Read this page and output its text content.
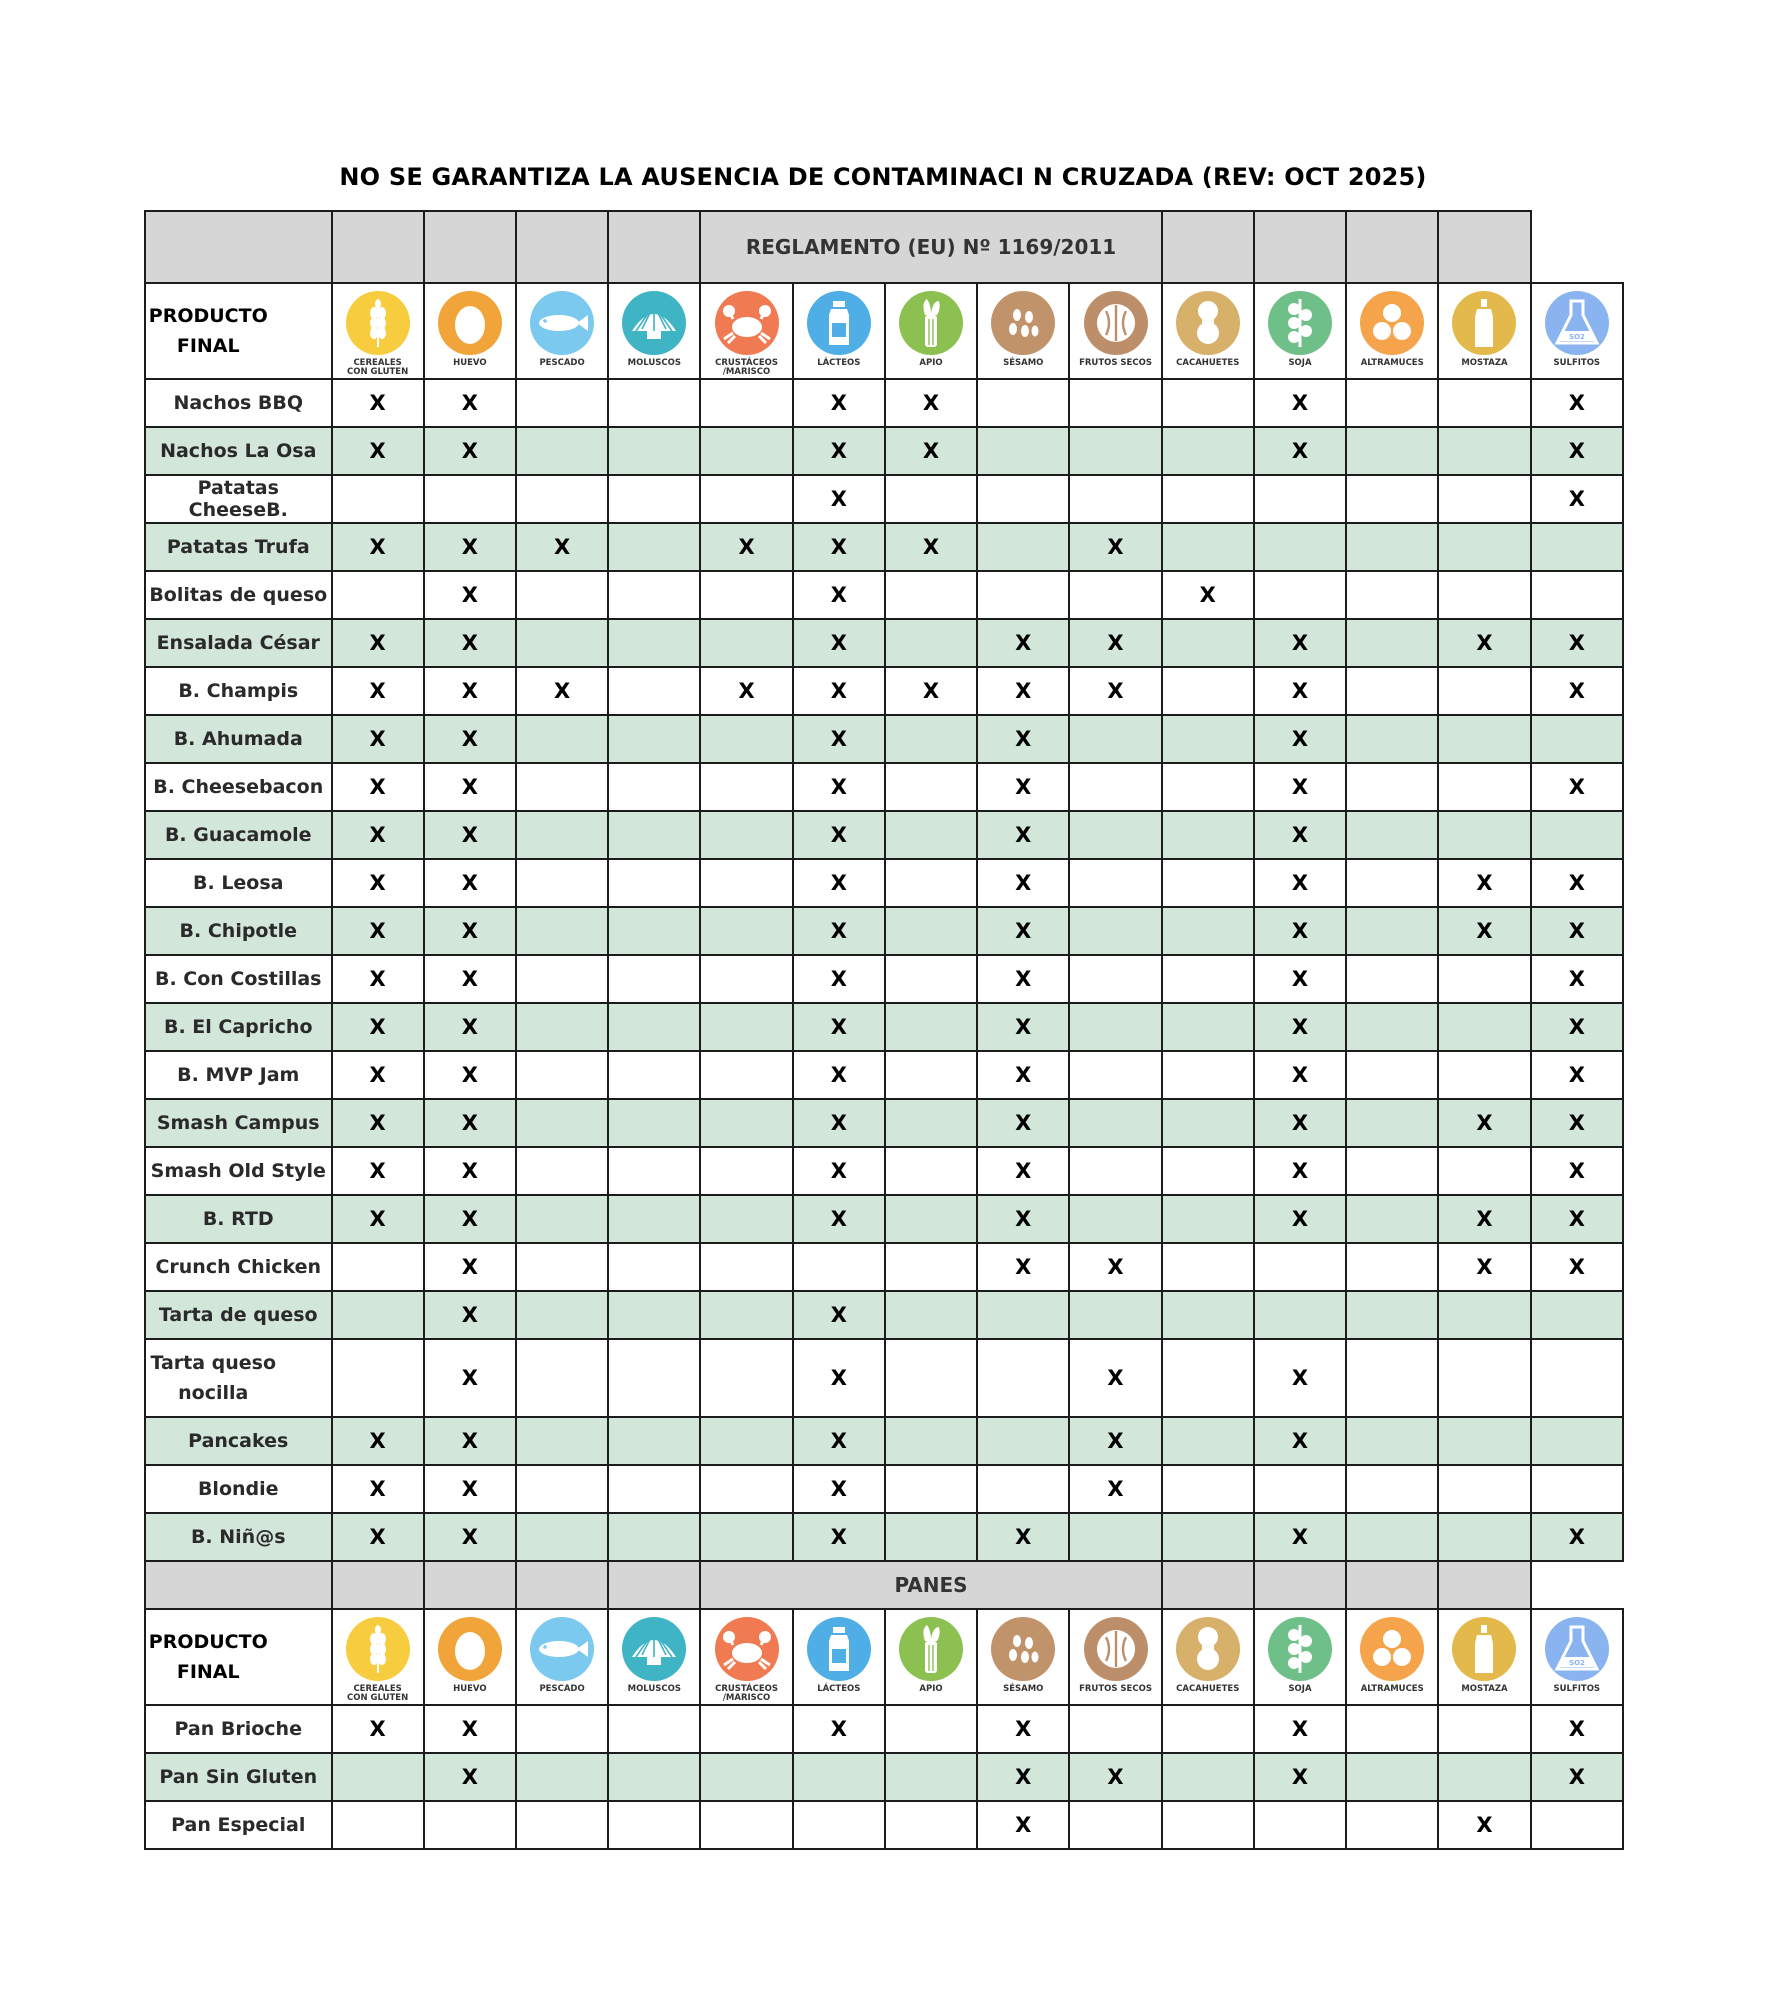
NO SE GARANTIZA LA AUSENCIA DE CONTAMINACI N CRUZADA (REV: OCT 2025)
					REGLAMENTO (EU) Nº 1169/2011									
PRODUCTO FINAL	CEREALES
CON GLUTEN	HUEVO	PESCADO	MOLUSCOS	CRUSTÁCEOS
/MARISCO	LÁCTEOS	APIO	SÉSAMO	FRUTOS SECOS	CACAHUETES	SOJA	ALTRAMUCES	MOSTAZA	SO2
SULFITOS

Nachos BBQ	X	X				X	X				X			X
Nachos La Osa	X	X				X	X				X			X
Patatas CheeseB.						X								X
Patatas Trufa	X	X	X		X	X	X		X					
Bolitas de queso		X				X				X				
Ensalada César	X	X				X		X	X		X		X	X
B. Champis	X	X	X		X	X	X	X	X		X			X
B. Ahumada	X	X				X		X			X			
B. Cheesebacon	X	X				X		X			X			X
B. Guacamole	X	X				X		X			X			
B. Leosa	X	X				X		X			X		X	X
B. Chipotle	X	X				X		X			X		X	X
B. Con Costillas	X	X				X		X			X			X
B. El Capricho	X	X				X		X			X			X
B. MVP Jam	X	X				X		X			X			X
Smash Campus	X	X				X		X			X		X	X
Smash Old Style	X	X				X		X			X			X
B. RTD	X	X				X		X			X		X	X
Crunch Chicken		X						X	X				X	X
Tarta de queso		X				X								
Tarta queso nocilla		X				X			X		X			
Pancakes	X	X				X			X		X			
Blondie	X	X				X			X					
B. Niñ@s	X	X				X		X			X			X
					PANES									
PRODUCTO FINAL	CEREALES
CON GLUTEN	HUEVO	PESCADO	MOLUSCOS	CRUSTÁCEOS
/MARISCO	LÁCTEOS	APIO	SÉSAMO	FRUTOS SECOS	CACAHUETES	SOJA	ALTRAMUCES	MOSTAZA	SO2
SULFITOS

Pan Brioche	X	X				X		X			X			X
Pan Sin Gluten		X						X	X		X			X
Pan Especial								X					X	
